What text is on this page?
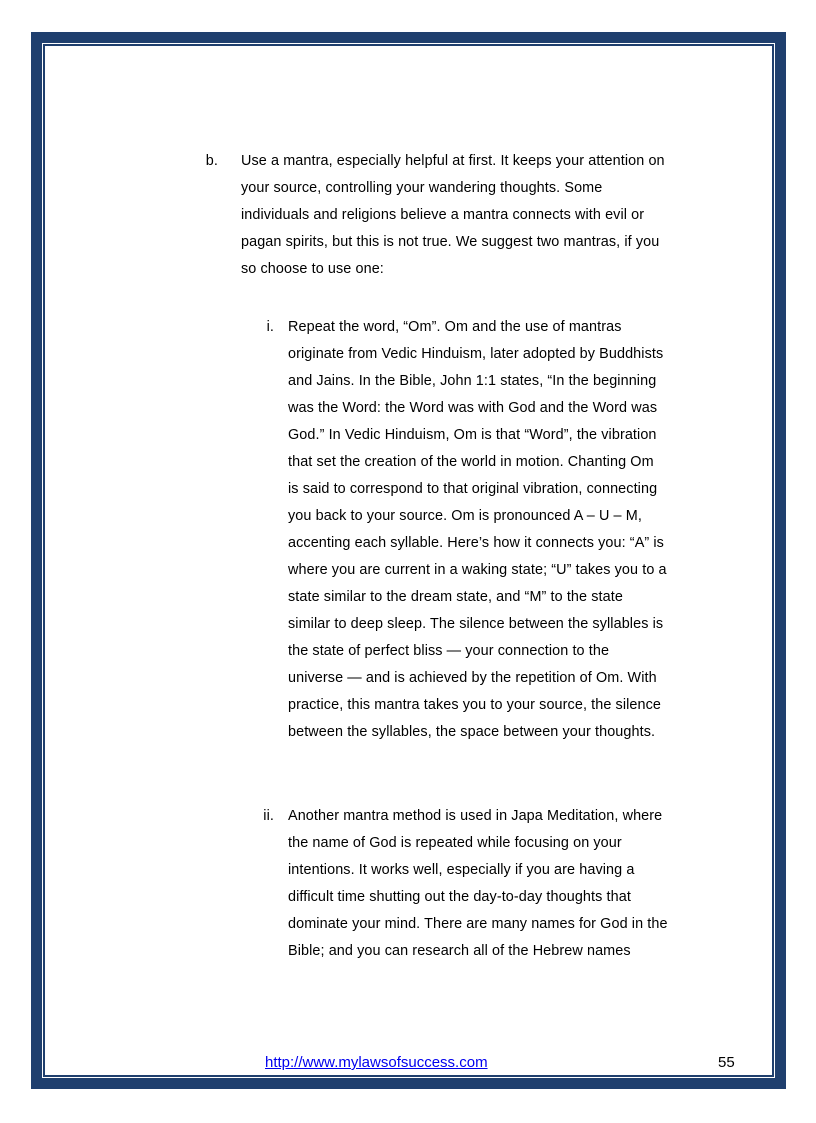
b. Use a mantra, especially helpful at first. It keeps your attention on your source, controlling your wandering thoughts. Some individuals and religions believe a mantra connects with evil or pagan spirits, but this is not true. We suggest two mantras, if you so choose to use one:
i. Repeat the word, “Om”. Om and the use of mantras originate from Vedic Hinduism, later adopted by Buddhists and Jains. In the Bible, John 1:1 states, “In the beginning was the Word: the Word was with God and the Word was God.” In Vedic Hinduism, Om is that “Word”, the vibration that set the creation of the world in motion. Chanting Om is said to correspond to that original vibration, connecting you back to your source. Om is pronounced A – U – M, accenting each syllable. Here’s how it connects you: “A” is where you are current in a waking state; “U” takes you to a state similar to the dream state, and “M” to the state similar to deep sleep. The silence between the syllables is the state of perfect bliss — your connection to the universe — and is achieved by the repetition of Om. With practice, this mantra takes you to your source, the silence between the syllables, the space between your thoughts.
ii. Another mantra method is used in Japa Meditation, where the name of God is repeated while focusing on your intentions. It works well, especially if you are having a difficult time shutting out the day-to-day thoughts that dominate your mind. There are many names for God in the Bible; and you can research all of the Hebrew names
http://www.mylawsofsuccess.com	55
